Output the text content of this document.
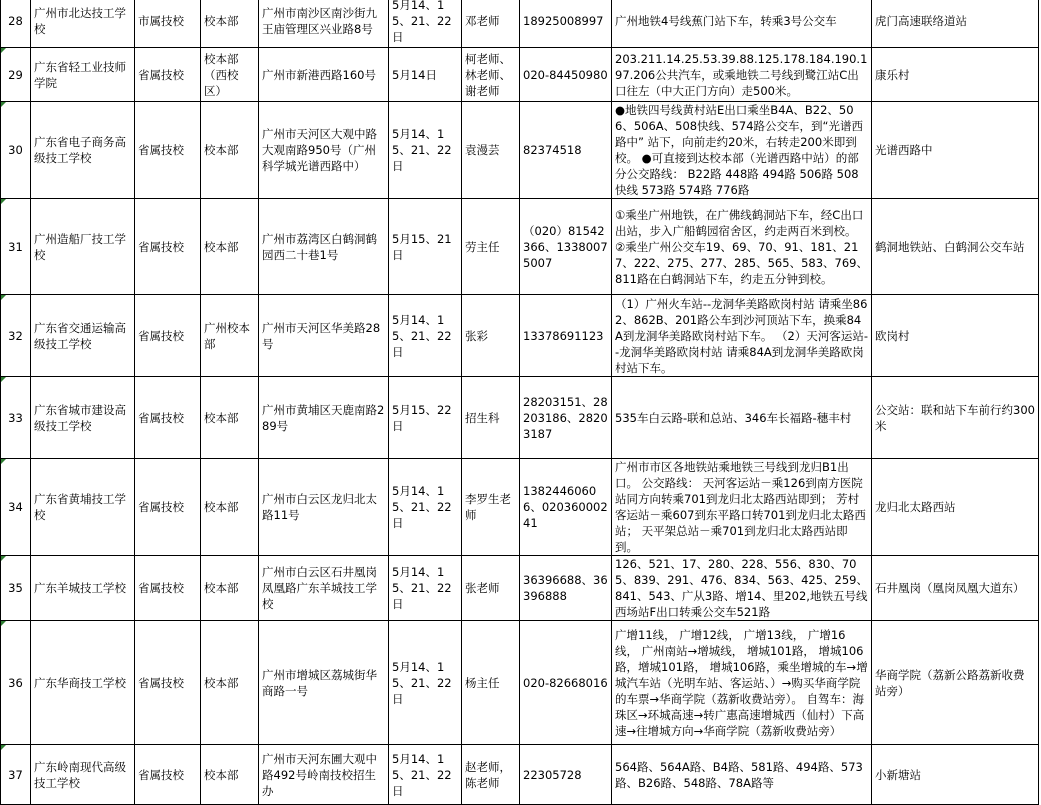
28	广州市北达技工学校	市属技校	校本部	广州市南沙区南沙街九王庙管理区兴业路8号	5月14、15、21、22日	邓老师	18925008997	广州地铁4号线蕉门站下车，转乘3号公交车	虎门高速联络道站
29	广东省轻工业技师学院	省属技校	校本部（西校区）	广州市新港西路160号	5月14日	柯老师、林老师、谢老师	020-84450980	203.211.14.25.53.39.88.125.178.184.190.197.206公共汽车，或乘地铁二号线到鹭江站C出口往左（中大正门方向）走500米。	康乐村
30	广东省电子商务高级技工学校	省属技校	校本部	广州市天河区大观中路大观南路950号（广州科学城光谱西路中）	5月14、15、21、22日	袁漫芸	82374518	●地铁四号线黄村站E出口乘坐B4A、B22、506、506A、508快线、574路公交车，到“光谱西路中” 站下，向前走约20米，右转走200米即到校。 ●可直接到达校本部（光谱西路中站）的部分公交路线： B22路 448路 494路 506路 508快线 573路 574路 776路	光谱西路中
31	广州造船厂技工学校	省属技校	校本部	广州市荔湾区白鹤洞鹤园西二十巷1号	5月15、21日	劳主任	（020）81542366、13380075007	①乘坐广州地铁，在广佛线鹤洞站下车，经C出口出站，步入广船鹤园宿舍区，约走两百米到校。 ②乘坐广州公交车19、69、70、91、181、217、222、275、277、285、565、583、769、811路在白鹤洞站下车，约走五分钟到校。	鹤洞地铁站、白鹤洞公交车站
32	广东省交通运输高级技工学校	省属技校	广州校本部	广州市天河区华美路28号	5月14、15、21、22日	张彩	13378691123	（1）广州火车站--龙洞华美路欧岗村站 请乘坐862、862B、201路公车到沙河顶站下车，换乘84A到龙洞华美路欧岗村站下车。 （2）天河客运站--龙洞华美路欧岗村站 请乘84A到龙洞华美路欧岗村站下车。	欧岗村
33	广东省城市建设高级技工学校	省属技校	校本部	广州市黄埔区天鹿南路289号	5月15、22日	招生科	28203151、28203186、28203187	535车白云路-联和总站、346车长福路-穗丰村	公交站：联和站下车前行约300米
34	广东省黄埔技工学校	省属技校	校本部	广州市白云区龙归北太路11号	5月14、15、21、22日	李罗生老师	13824460606、02036000241	广州市市区各地铁站乘地铁三号线到龙归B1出口。 公交路线： 天河客运站－乘126到南方医院站同方向转乘701到龙归北太路西站即到； 芳村客运站－乘607到东平路口转701到龙归北太路西站； 天平架总站－乘701到龙归北太路西站即到。	龙归北太路西站
35	广东羊城技工学校	省属技校	校本部	广州市白云区石井凰岗凤凰路广东羊城技工学校	5月14、15、21、22日	张老师	36396688、36396888	126、521、17、280、228、556、830、705、839、291、476、834、563、425、259、841、543、广从3路、增14、里202,地铁五号线西场站F出口转乘公交车521路	石井凰岗（凰岗凤凰大道东）
36	广东华商技工学校	省属技校	校本部	广州市增城区荔城街华商路一号	5月14、15、21、22日	杨主任	020-82668016	广增11线， 广增12线， 广增13线， 广增16线， 广州南站→增城线， 增城101路， 增城106路，增城101路， 增城106路，乘坐增城的车→增城汽车站（光明车站、客运站、）→购买华商学院的车票→华商学院（荔新收费站旁）。 自驾车：海珠区→环城高速→转广惠高速增城西（仙村）下高速→往增城方向→华商学院（荔新收费站旁）	华商学院（荔新公路荔新收费站旁）
37	广东岭南现代高级技工学校	省属技校	校本部	广州市天河东圃大观中路492号岭南技校招生办	5月14、15、21、22日	赵老师，陈老师	22305728	564路、564A路、B4路、581路、494路、573路、B26路、548路、78A路等	小新塘站
